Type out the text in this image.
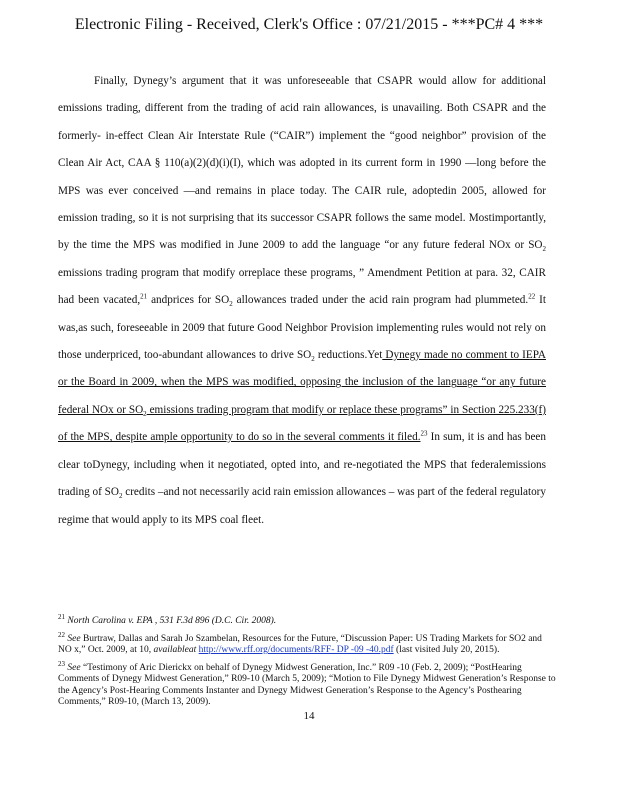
Electronic Filing - Received, Clerk's Office : 07/21/2015 - ***PC# 4 ***

Finally, Dynegy’s argument that it was unforeseeable that CSAPR would allow for additional emissions trading, different from the trading of acid rain allowances, is unavailing. Both CSAPR and the formerly- in-effect Clean Air Interstate Rule (“CAIR”) implement the “good neighbor” provision of the Clean Air Act, CAA § 110(a)(2)(d)(i)(I), which was adopted in its current form in 1990 —long before the MPS was ever conceived —and remains in place today. The CAIR rule, adoptedin 2005, allowed for emission trading, so it is not surprising that its successor CSAPR follows the same model. Mostimportantly, by the time the MPS was modified in June 2009 to add the language “or any future federal NOx or $SO_2$ emissions trading program that modify orreplace these programs, ” Amendment Petition at para. 32, CAIR had been vacated,$^{21}$ andprices for $SO_2$ allowances traded under the acid rain program had plummeted.$^{22}$ It was,as such, foreseeable in 2009 that future Good Neighbor Provision implementing rules would not rely on those underpriced, too-abundant allowances to drive $SO_2$ reductions.Yet Dynegy made no comment to IEPA or the Board in 2009, when the MPS was modified, opposing the inclusion of the language “or any future federal NOx or $SO_2$ emissions trading program that modify or replace these programs” in Section 225.233(f) of the MPS, despite ample opportunity to do so in the several comments it filed.$^{23}$ In sum, it is and has been clear toDynegy, including when it negotiated, opted into, and re-negotiated the MPS that federalemissions trading of $SO_2$ credits –and not necessarily acid rain emission allowances – was part of the federal regulatory regime that would apply to its MPS coal fleet.

$^{21}$ North Carolina v. EPA , 531 F.3d 896 (D.C. Cir. 2008).

$^{22}$ See Burtraw, Dallas and Sarah Jo Szambelan, Resources for the Future, “Discussion Paper: US Trading Markets for SO2 and NO x,” Oct. 2009, at 10, availableat http://www.rff.org/documents/RFF- DP -09 -40.pdf (last visited July 20, 2015).

$^{23}$ See “Testimony of Aric Dierickx on behalf of Dynegy Midwest Generation, Inc.” R09 -10 (Feb. 2, 2009); “PostHearing Comments of Dynegy Midwest Generation,” R09-10 (March 5, 2009); “Motion to File Dynegy Midwest Generation’s Response to the Agency’s Post-Hearing Comments Instanter and Dynegy Midwest Generation’s Response to the Agency’s Posthearing Comments,” R09-10, (March 13, 2009).

14
